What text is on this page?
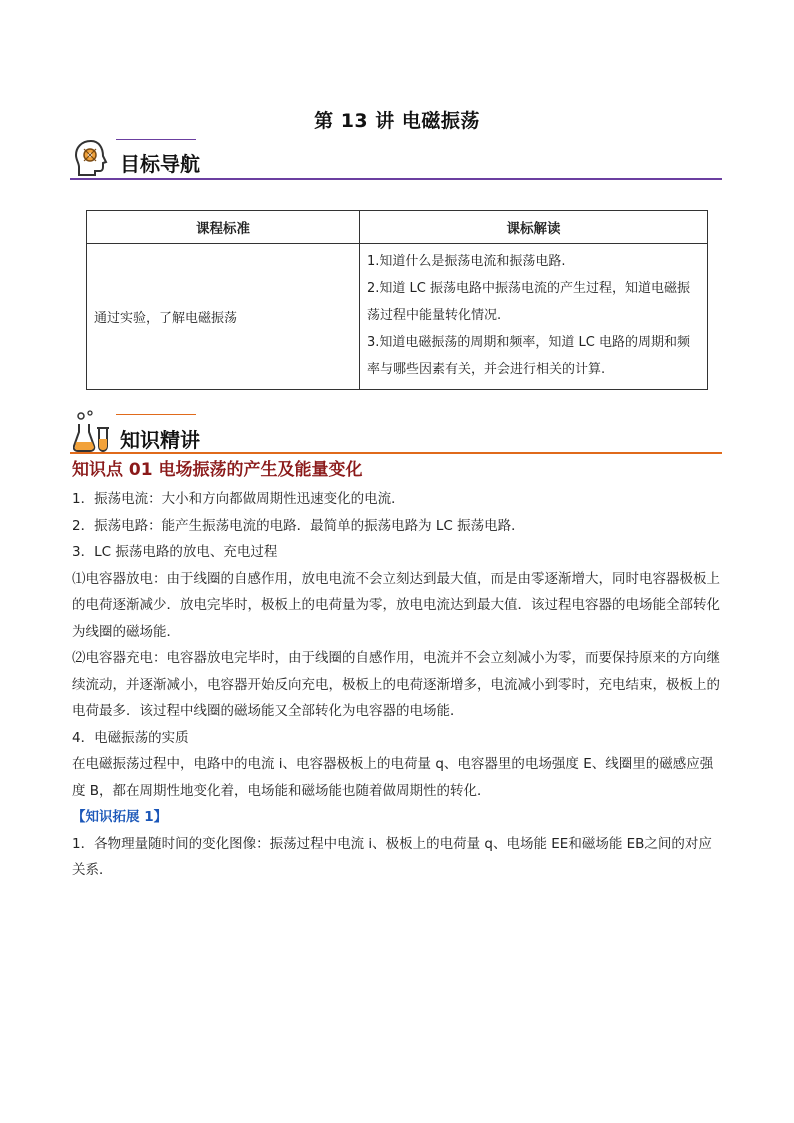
第 13 讲 电磁振荡
目标导航
课程标准	课标解读
通过实验，了解电磁振荡	1.知道什么是振荡电流和振荡电路.
2.知道 LC 振荡电路中振荡电流的产生过程，知道电磁振荡过程中能量转化情况.
3.知道电磁振荡的周期和频率，知道 LC 电路的周期和频率与哪些因素有关，并会进行相关的计算.
知识精讲
知识点 01 电场振荡的产生及能量变化

1．振荡电流：大小和方向都做周期性迅速变化的电流．

2．振荡电路：能产生振荡电流的电路．最简单的振荡电路为 LC 振荡电路．

3．LC 振荡电路的放电、充电过程

⑴电容器放电：由于线圈的自感作用，放电电流不会立刻达到最大值，而是由零逐渐增大，同时电容器极板上的电荷逐渐减少．放电完毕时，极板上的电荷量为零，放电电流达到最大值．该过程电容器的电场能全部转化为线圈的磁场能．

⑵电容器充电：电容器放电完毕时，由于线圈的自感作用，电流并不会立刻减小为零，而要保持原来的方向继续流动，并逐渐减小，电容器开始反向充电，极板上的电荷逐渐增多，电流减小到零时，充电结束，极板上的电荷最多．该过程中线圈的磁场能又全部转化为电容器的电场能．

4．电磁振荡的实质

在电磁振荡过程中，电路中的电流 i、电容器极板上的电荷量 q、电容器里的电场强度 E、线圈里的磁感应强度 B，都在周期性地变化着，电场能和磁场能也随着做周期性的转化．

【知识拓展 1】

1．各物理量随时间的变化图像：振荡过程中电流 i、极板上的电荷量 q、电场能 EE和磁场能 EB之间的对应关系．
